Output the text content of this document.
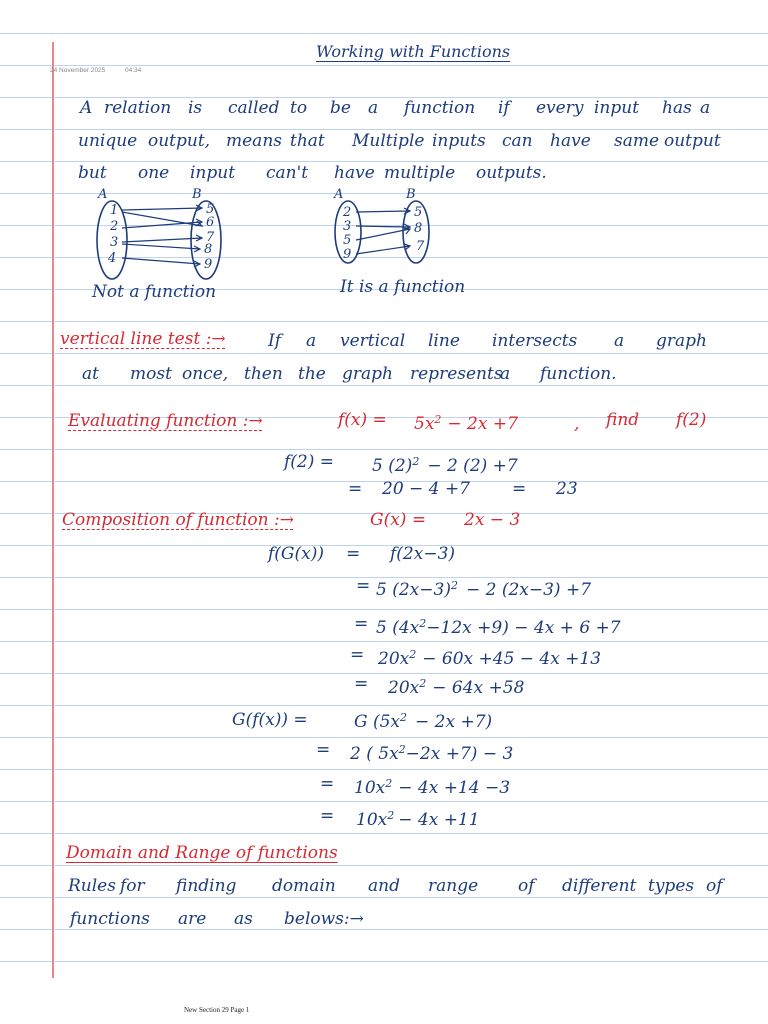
Working with Functions
24 November 2025	04:34
A relation is called to be a function if every input has a
unique output, means that Multiple inputs can have same output
but one input can't have multiple outputs.
A	B
1
2
3
4
5
6
7
8
9
Not a function
A	B
2
3
5
9
5
8
7
It is a function
vertical line test :→ If a vertical line intersects a graph
at most once, then the graph represents
a function.
Evaluating function :→	$f(x) = 5x^2 - 2x +7$	, find f(2)
f(2) = 5 $(2)^2 - 2$ (2) +7
= 20 − 4 +7 = 23
Composition of function :→	G(x) = 2x − 3
f(G(x)) = f(2x−3)
= 5 $(2x-3)^2 - 2$ (2x−3) +7
= 5 $(4x^2-12x +9) - 4x + 6 +7$
= $20x^2 - 60x +45 - 4x +13$
= $20x^2 - 64x +58$
G(f(x)) =	G $(5x^2 - 2x +7)$
= 2 ( $5x^2-2x +7) - 3$
= $10x^2 - 4x +14 -3$
= $10x^2 - 4x +11$
Domain and Range of functions
Rules for finding domain and range of different types of
functions are as belows:→
New Section 29 Page 1
